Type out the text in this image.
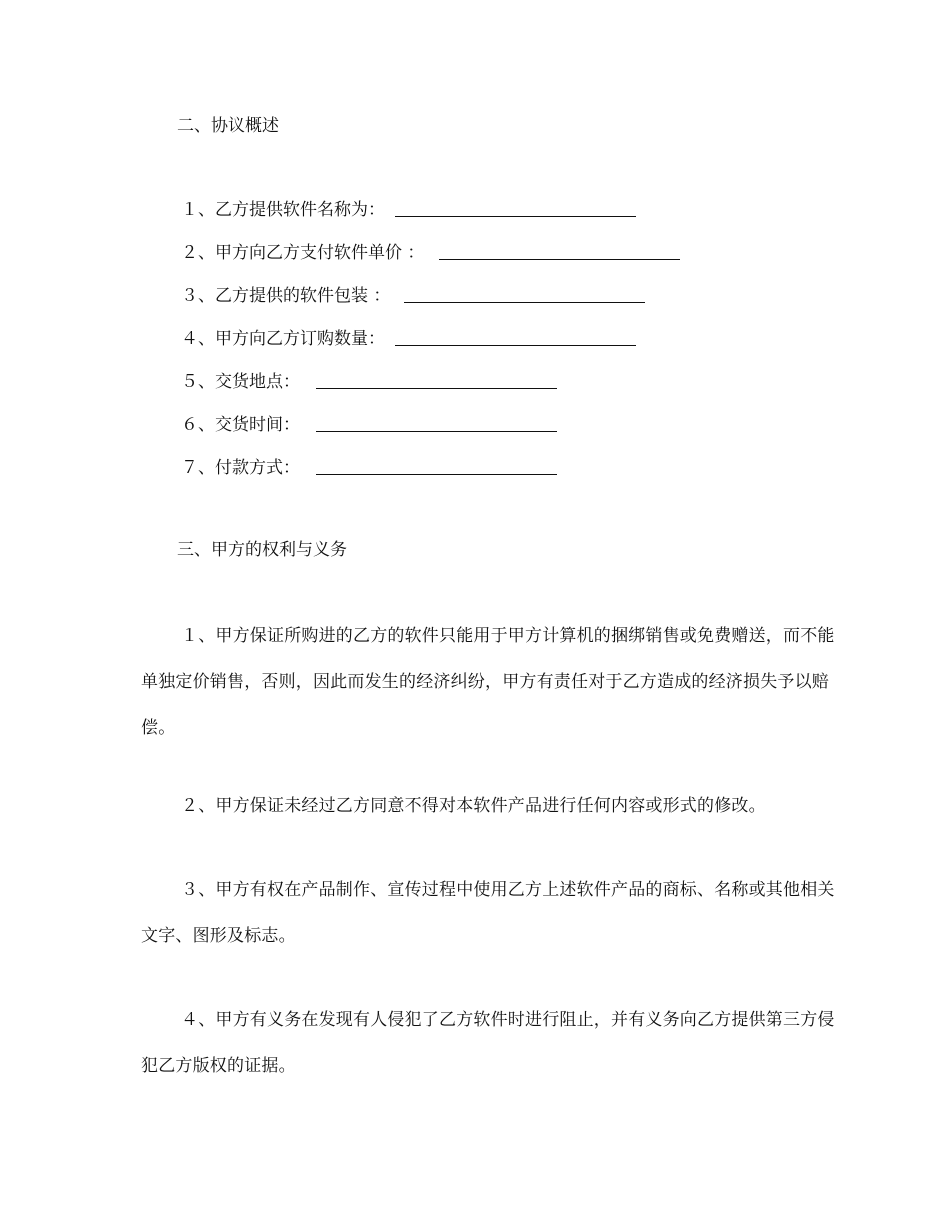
二、协议概述
１、乙方提供软件名称为：
２、甲方向乙方支付软件单价 ：
３、乙方提供的软件包装 ：
４、甲方向乙方订购数量：
５、交货地点：
６、交货时间：
７、付款方式：
三、甲方的权利与义务

１、甲方保证所购进的乙方的软件只能用于甲方计算机的捆绑销售或免费赠送，而不能单独定价销售，否则，因此而发生的经济纠纷，甲方有责任对于乙方造成的经济损失予以赔偿。

２、甲方保证未经过乙方同意不得对本软件产品进行任何内容或形式的修改。

３、甲方有权在产品制作、宣传过程中使用乙方上述软件产品的商标、名称或其他相关文字、图形及标志。

４、甲方有义务在发现有人侵犯了乙方软件时进行阻止，并有义务向乙方提供第三方侵犯乙方版权的证据。
